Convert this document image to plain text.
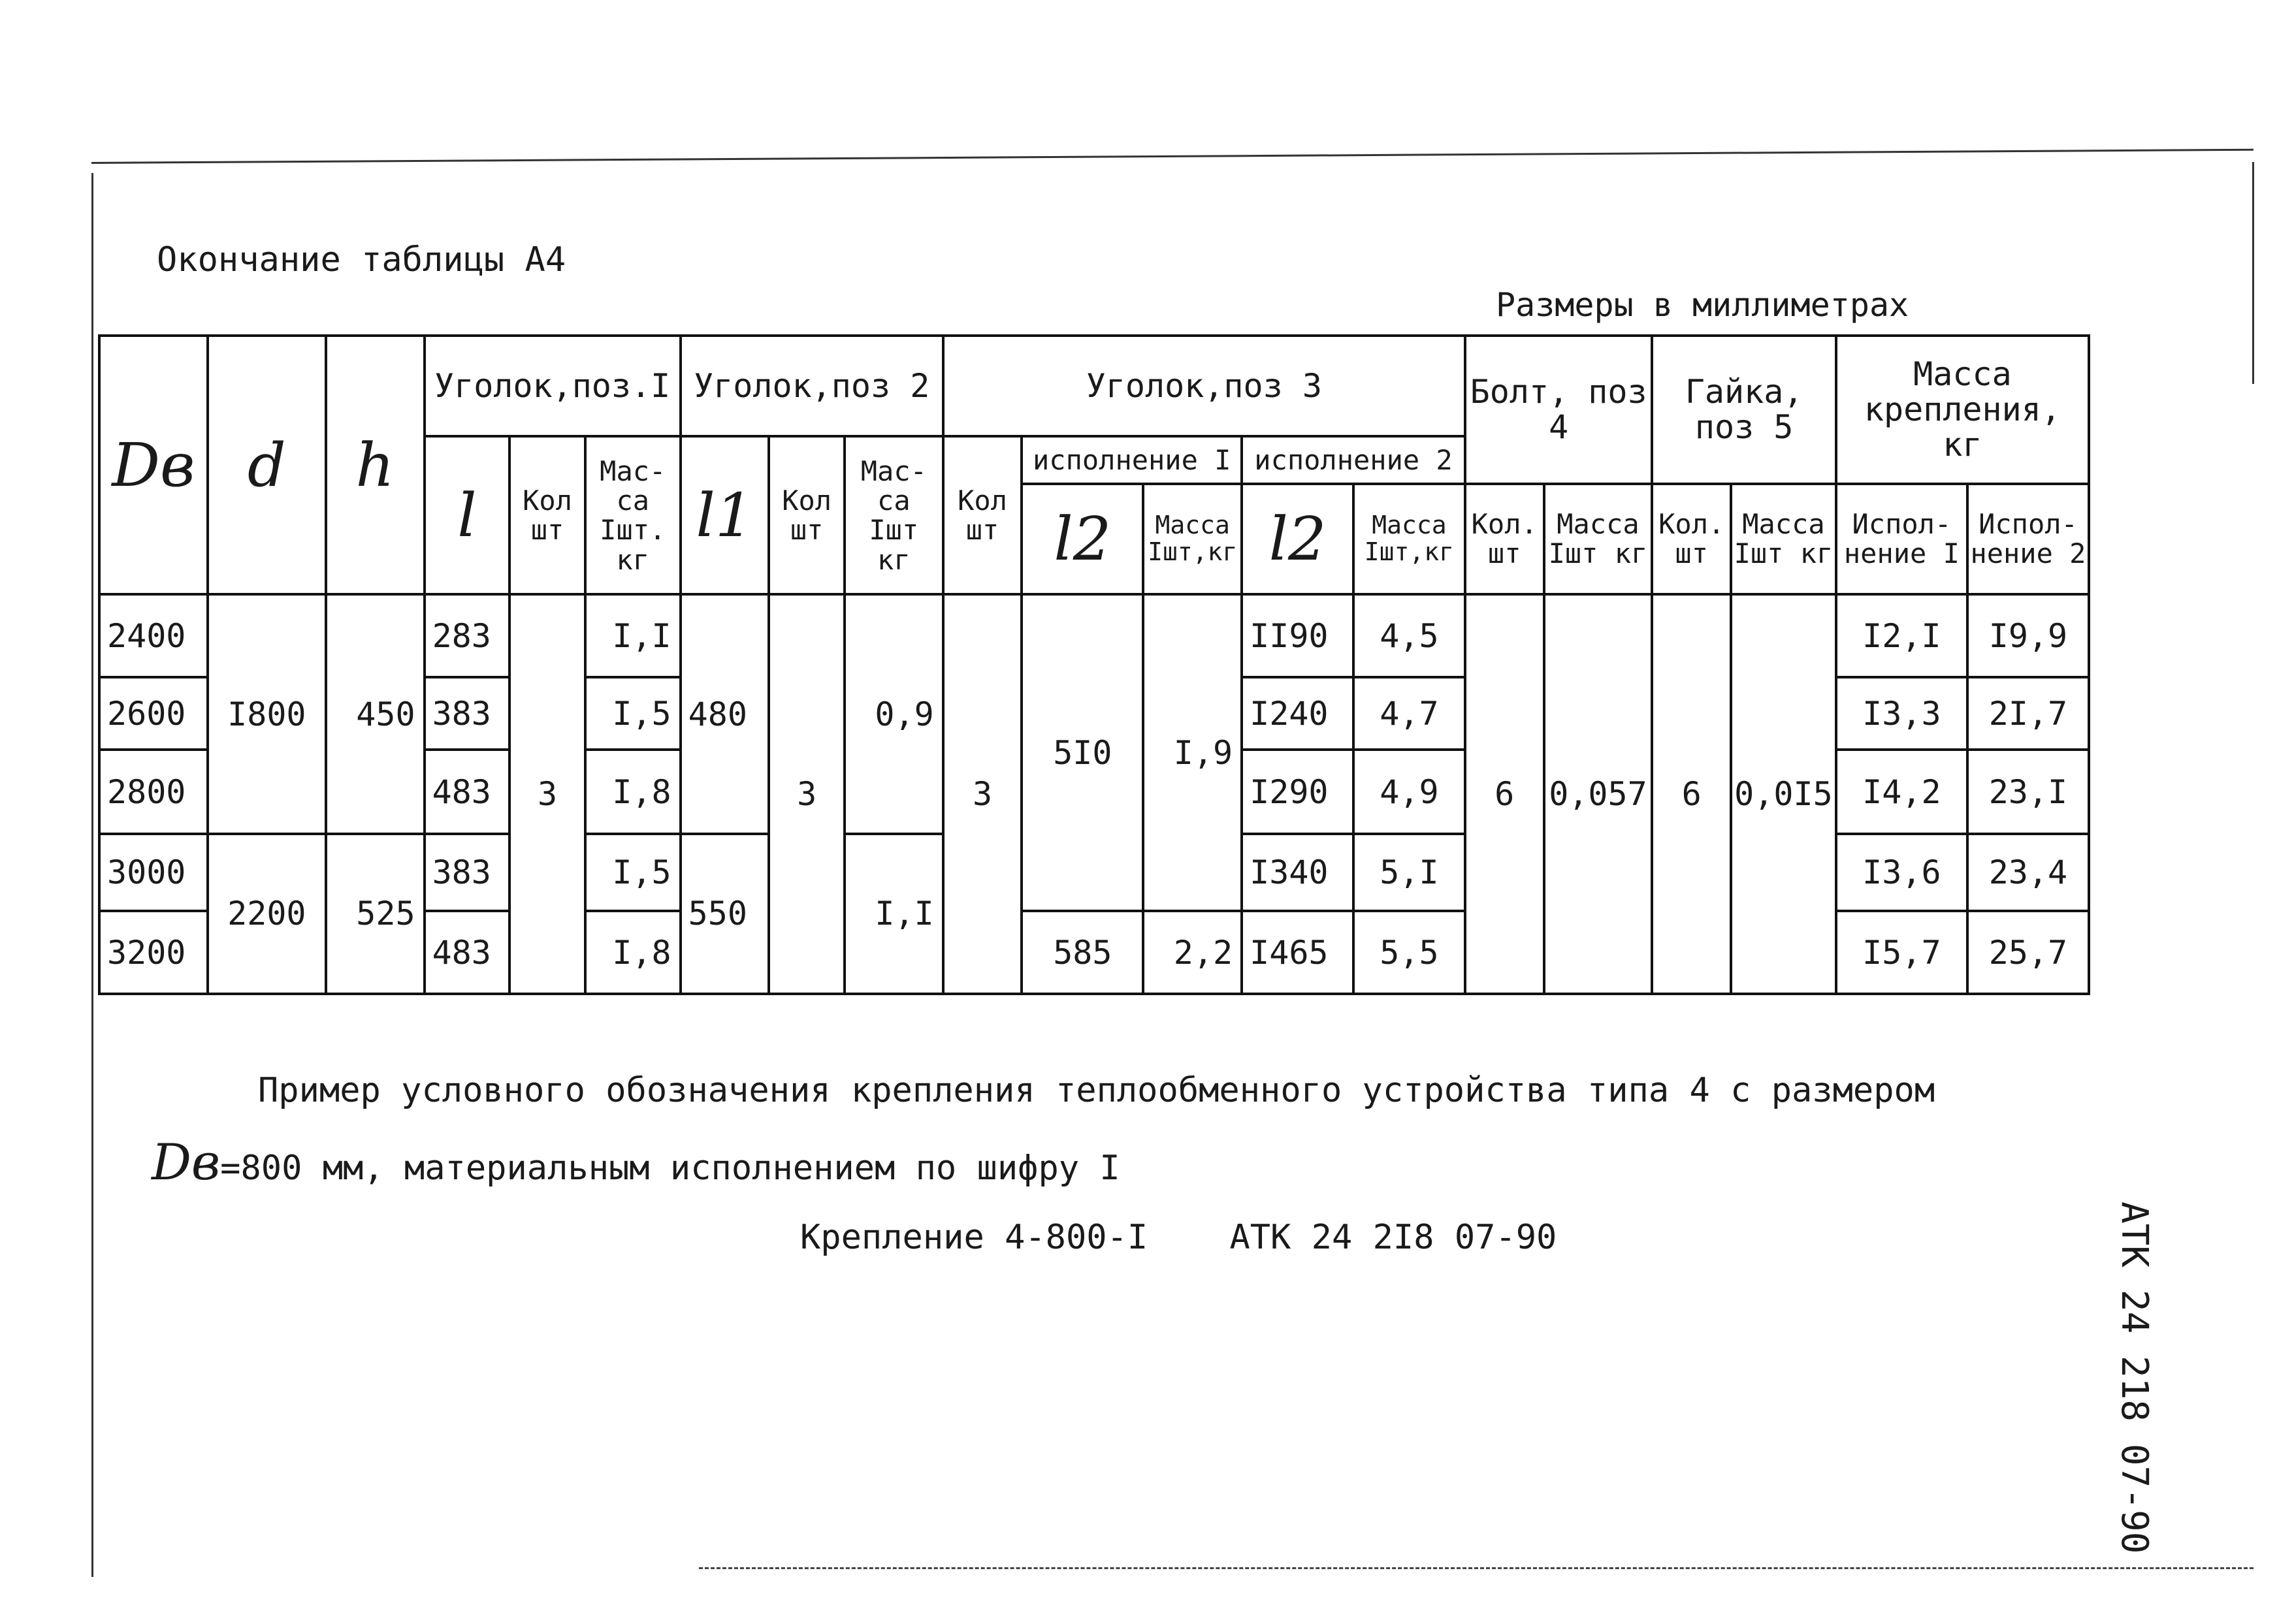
Окончание таблицы А4
Размеры в миллиметрах
Dв	d	h	Уголок,поз.I			Уголок,поз 2			Уголок,поз 3					Болт, поз 4		Гайка, поз 5		Масса крепления, кг	
			l	Кол шт	Мас-са Iшт. кг	l1	Кол шт	Мас-са Iшт кг	Кол шт	исполнение I		исполнение 2							
										l2	Масса Iшт,кг	l2	Масса Iшт,кг	Кол. шт	Масса Iшт кг	Кол. шт	Масса Iшт кг	Испол-нение I	Испол-нение 2
2400	I800	450	283	3	I,I	480	3	0,9	3	5I0	I,9	II90	4,5	6	0,057	6	0,0I5	I2,I	I9,9
2600			383		I,5							I240	4,7					I3,3	2I,7
2800			483		I,8							I290	4,9					I4,2	23,I
3000	2200	525	383		I,5	550		I,I				I340	5,I					I3,6	23,4
3200			483		I,8					585	2,2	I465	5,5					I5,7	25,7
Пример условного обозначения крепления теплообменного устройства типа 4 с размером
Dв=800 мм, материальным исполнением по шифру I
Крепление 4-800-I    АТК 24 2I8 07-90	АТК 24 218 07-90
